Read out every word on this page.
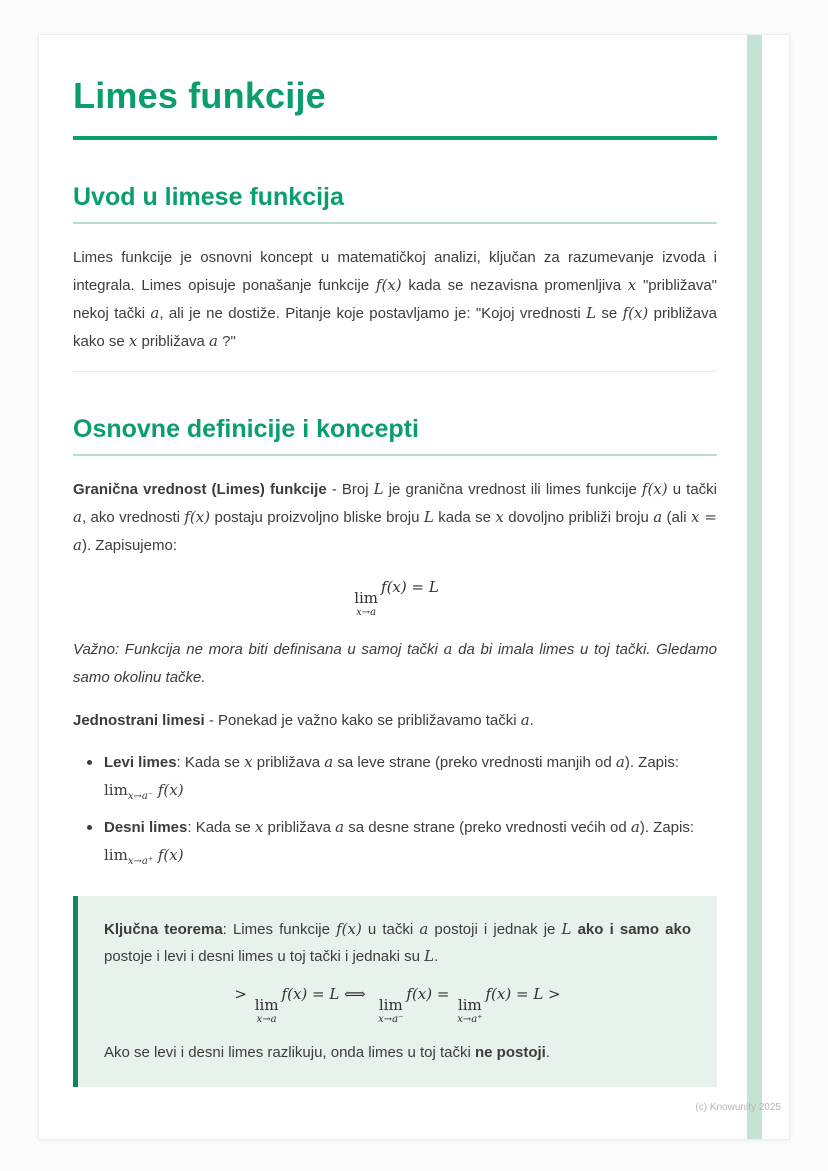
Limes funkcije
Uvod u limese funkcija

Limes funkcije je osnovni koncept u matematičkoj analizi, ključan za razumevanje izvoda i integrala. Limes opisuje ponašanje funkcije f(x) kada se nezavisna promenljiva x "približava" nekoj tački a, ali je ne dostiže. Pitanje koje postavljamo je: "Kojoj vrednosti L se f(x) približava kako se x približava a ?"

Osnovne definicije i koncepti

Granična vrednost (Limes) funkcije - Broj L je granična vrednost ili limes funkcije f(x) u tački a, ako vrednosti f(x) postaju proizvoljno bliske broju L kada se x dovoljno približi broju a (ali x = a). Zapisujemo:

lim
x→a
f(x) = L

Važno: Funkcija ne mora biti definisana u samoj tački a da bi imala limes u toj tački. Gledamo samo okolinu tačke.

Jednostrani limesi - Ponekad je važno kako se približavamo tački a.

Levi limes: Kada se x približava a sa leve strane (preko vrednosti manjih od a). Zapis: $\lim_{x\to a^-} f(x)$
Desni limes: Kada se x približava a sa desne strane (preko vrednosti većih od a). Zapis: $\lim_{x\to a^+} f(x)$

Ključna teorema: Limes funkcije f(x) u tački a postoji i jednak je L ako i samo ako postoje i levi i desni limes u toj tački i jednaki su L.

>
lim
x→a
f(x) = L ⟺
lim
x→a⁻
f(x) =
lim
x→a⁺
f(x) = L >

Ako se levi i desni limes razlikuju, onda limes u toj tački ne postoji.

(c) Knowunity 2025
